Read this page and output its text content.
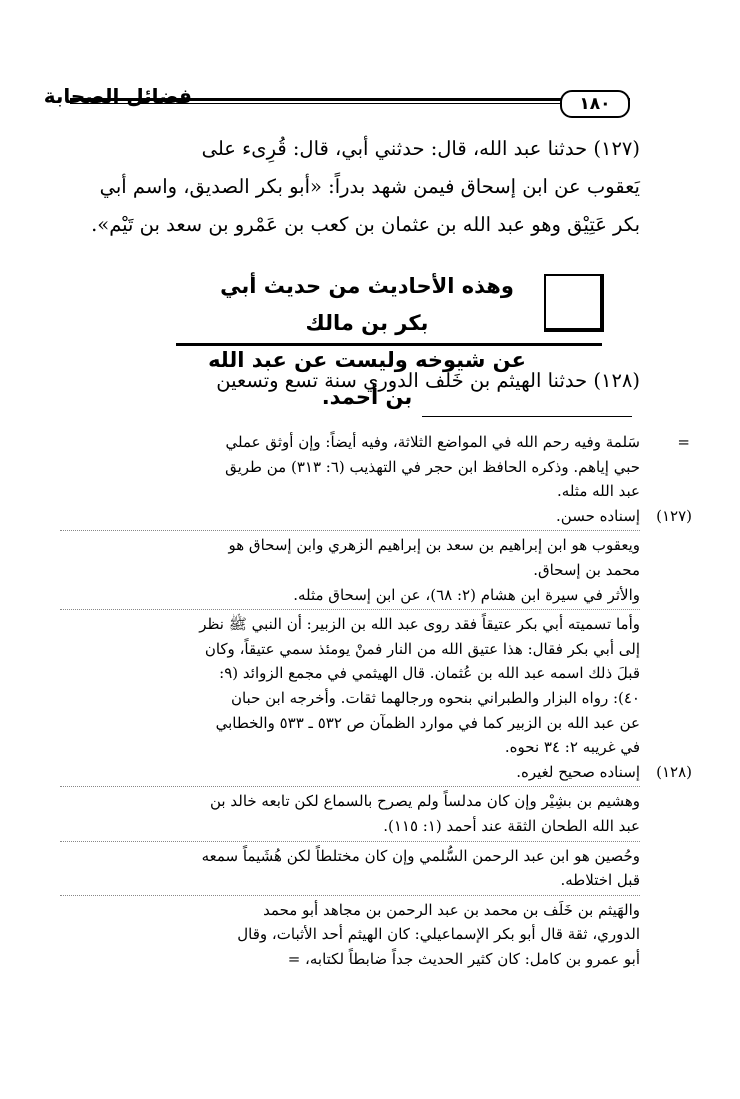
فضائل الصحابة	١٨٠
(١٢٧) حدثنا عبد الله، قال: حدثني أبي، قال: قُرِىء على
يَعقوب عن ابن إسحاق فيمن شهد بدراً: «أبو بكر الصديق، واسم أبي
بكر عَتِيْق وهو عبد الله بن عثمان بن كعب بن عَمْرو بن سعد بن تَيْم».
وهذه الأحاديث من حديث أبي بكر بن مالك
عن شيوخه وليست عن عبد الله بن أحمد.
(١٢٨) حدثنا الهيثم بن خَلَف الدوري سنة تسع وتسعين
=
سَلمة وفيه رحم الله في المواضع الثلاثة، وفيه أيضاً: وإن أوثق عملي
حبي إياهم. وذكره الحافظ ابن حجر في التهذيب (٦: ٣١٣) من طريق
عبد الله مثله.
(١٢٧)
إسناده حسن.
ويعقوب هو ابن إبراهيم بن سعد بن إبراهيم الزهري وابن إسحاق هو
محمد بن إسحاق.
والأثر في سيرة ابن هشام (٢: ٦٨)، عن ابن إسحاق مثله.
وأما تسميته أبي بكر عتيقاً فقد روى عبد الله بن الزبير: أن النبي ﷺ نظر
إلى أبي بكر فقال: هذا عتيق الله من النار فمنْ يومئذ سمي عتيقاً، وكان
قبلَ ذلك اسمه عبد الله بن عُثمان. قال الهيثمي في مجمع الزوائد (٩:
٤٠): رواه البزار والطبراني بنحوه ورجالهما ثقات. وأخرجه ابن حبان
عن عبد الله بن الزبير كما في موارد الظمآن ص ٥٣٢ ـ ٥٣٣ والخطابي
في غريبه ٢: ٣٤ نحوه.
(١٢٨)
إسناده صحيح لغيره.
وهشيم بن بشِيْر وإن كان مدلساً ولم يصرح بالسماع لكن تابعه خالد بن
عبد الله الطحان الثقة عند أحمد (١: ١١٥).
وحُصين هو ابن عبد الرحمن السُّلمي وإن كان مختلطاً لكن هُشَيماً سمعه
قبل اختلاطه.
والهَيثم بن خَلَف بن محمد بن عبد الرحمن بن مجاهد أبو محمد
الدوري، ثقة قال أبو بكر الإسماعيلي: كان الهيثم أحد الأثبات، وقال
أبو عمرو بن كامل: كان كثير الحديث جداً ضابطاً لكتابه، =
